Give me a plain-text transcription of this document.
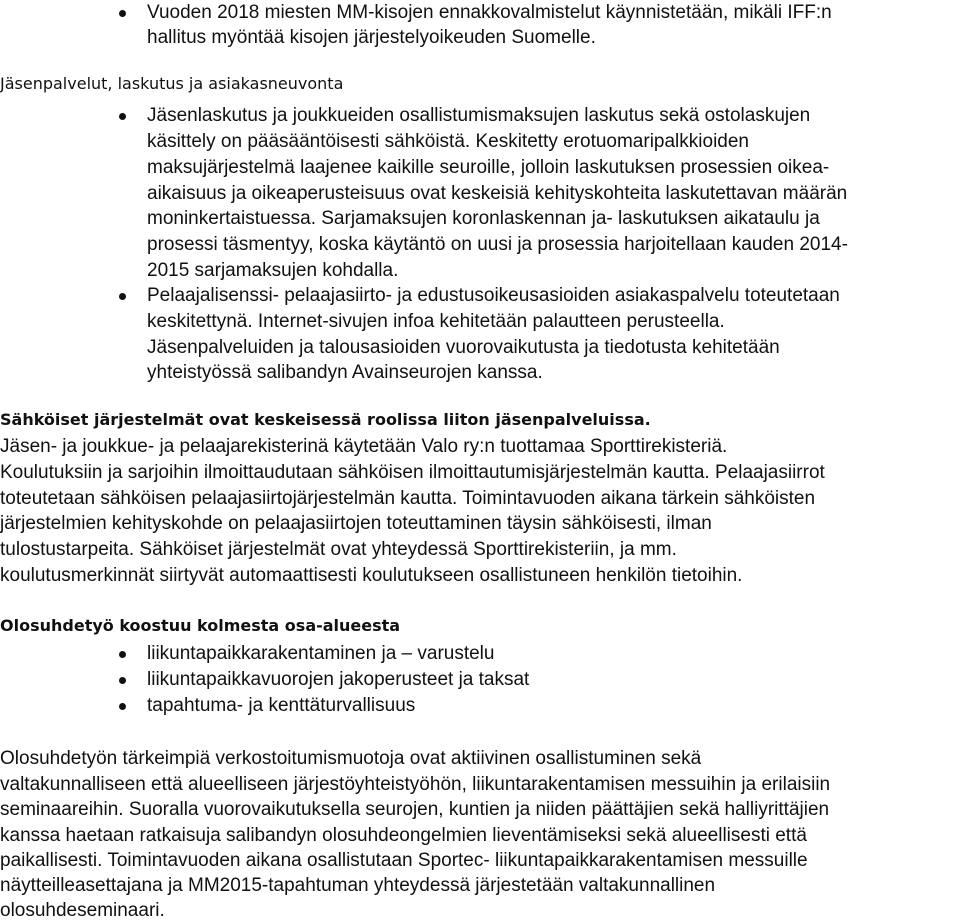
Vuoden 2018 miesten MM-kisojen ennakkovalmistelut käynnistetään, mikäli IFF:n
hallitus myöntää kisojen järjestelyoikeuden Suomelle.
Jäsenpalvelut, laskutus ja asiakasneuvonta
Jäsenlaskutus ja joukkueiden osallistumismaksujen laskutus sekä ostolaskujen
käsittely on pääsääntöisesti sähköistä. Keskitetty erotuomaripalkkioiden
maksujärjestelmä laajenee kaikille seuroille, jolloin laskutuksen prosessien oikea-
aikaisuus ja oikeaperusteisuus ovat keskeisiä kehityskohteita laskutettavan määrän
moninkertaistuessa. Sarjamaksujen koronlaskennan ja- laskutuksen aikataulu ja
prosessi täsmentyy, koska käytäntö on uusi ja prosessia harjoitellaan kauden 2014-
2015 sarjamaksujen kohdalla.
Pelaajalisenssi- pelaajasiirto- ja edustusoikeusasioiden asiakaspalvelu toteutetaan
keskitettynä. Internet-sivujen infoa kehitetään palautteen perusteella.
Jäsenpalveluiden ja talousasioiden vuorovaikutusta ja tiedotusta kehitetään
yhteistyössä salibandyn Avainseurojen kanssa.
Sähköiset järjestelmät ovat keskeisessä roolissa liiton jäsenpalveluissa.
Jäsen- ja joukkue- ja pelaajarekisterinä käytetään Valo ry:n tuottamaa Sporttirekisteriä.
Koulutuksiin ja sarjoihin ilmoittaudutaan sähköisen ilmoittautumisjärjestelmän kautta. Pelaajasiirrot
toteutetaan sähköisen pelaajasiirtojärjestelmän kautta. Toimintavuoden aikana tärkein sähköisten
järjestelmien kehityskohde on pelaajasiirtojen toteuttaminen täysin sähköisesti, ilman
tulostustarpeita. Sähköiset järjestelmät ovat yhteydessä Sporttirekisteriin, ja mm.
koulutusmerkinnät siirtyvät automaattisesti koulutukseen osallistuneen henkilön tietoihin.
Olosuhdetyö koostuu kolmesta osa-alueesta
liikuntapaikkarakentaminen ja – varustelu
liikuntapaikkavuorojen jakoperusteet ja taksat
tapahtuma- ja kenttäturvallisuus
Olosuhdetyön tärkeimpiä verkostoitumismuotoja ovat aktiivinen osallistuminen sekä
valtakunnalliseen että alueelliseen järjestöyhteistyöhön, liikuntarakentamisen messuihin ja erilaisiin
seminaareihin. Suoralla vuorovaikutuksella seurojen, kuntien ja niiden päättäjien sekä halliyrittäjien
kanssa haetaan ratkaisuja salibandyn olosuhdeongelmien lieventämiseksi sekä alueellisesti että
paikallisesti. Toimintavuoden aikana osallistutaan Sportec- liikuntapaikkarakentamisen messuille
näytteilleasettajana ja MM2015-tapahtuman yhteydessä järjestetään valtakunnallinen
olosuhdeseminaari.
